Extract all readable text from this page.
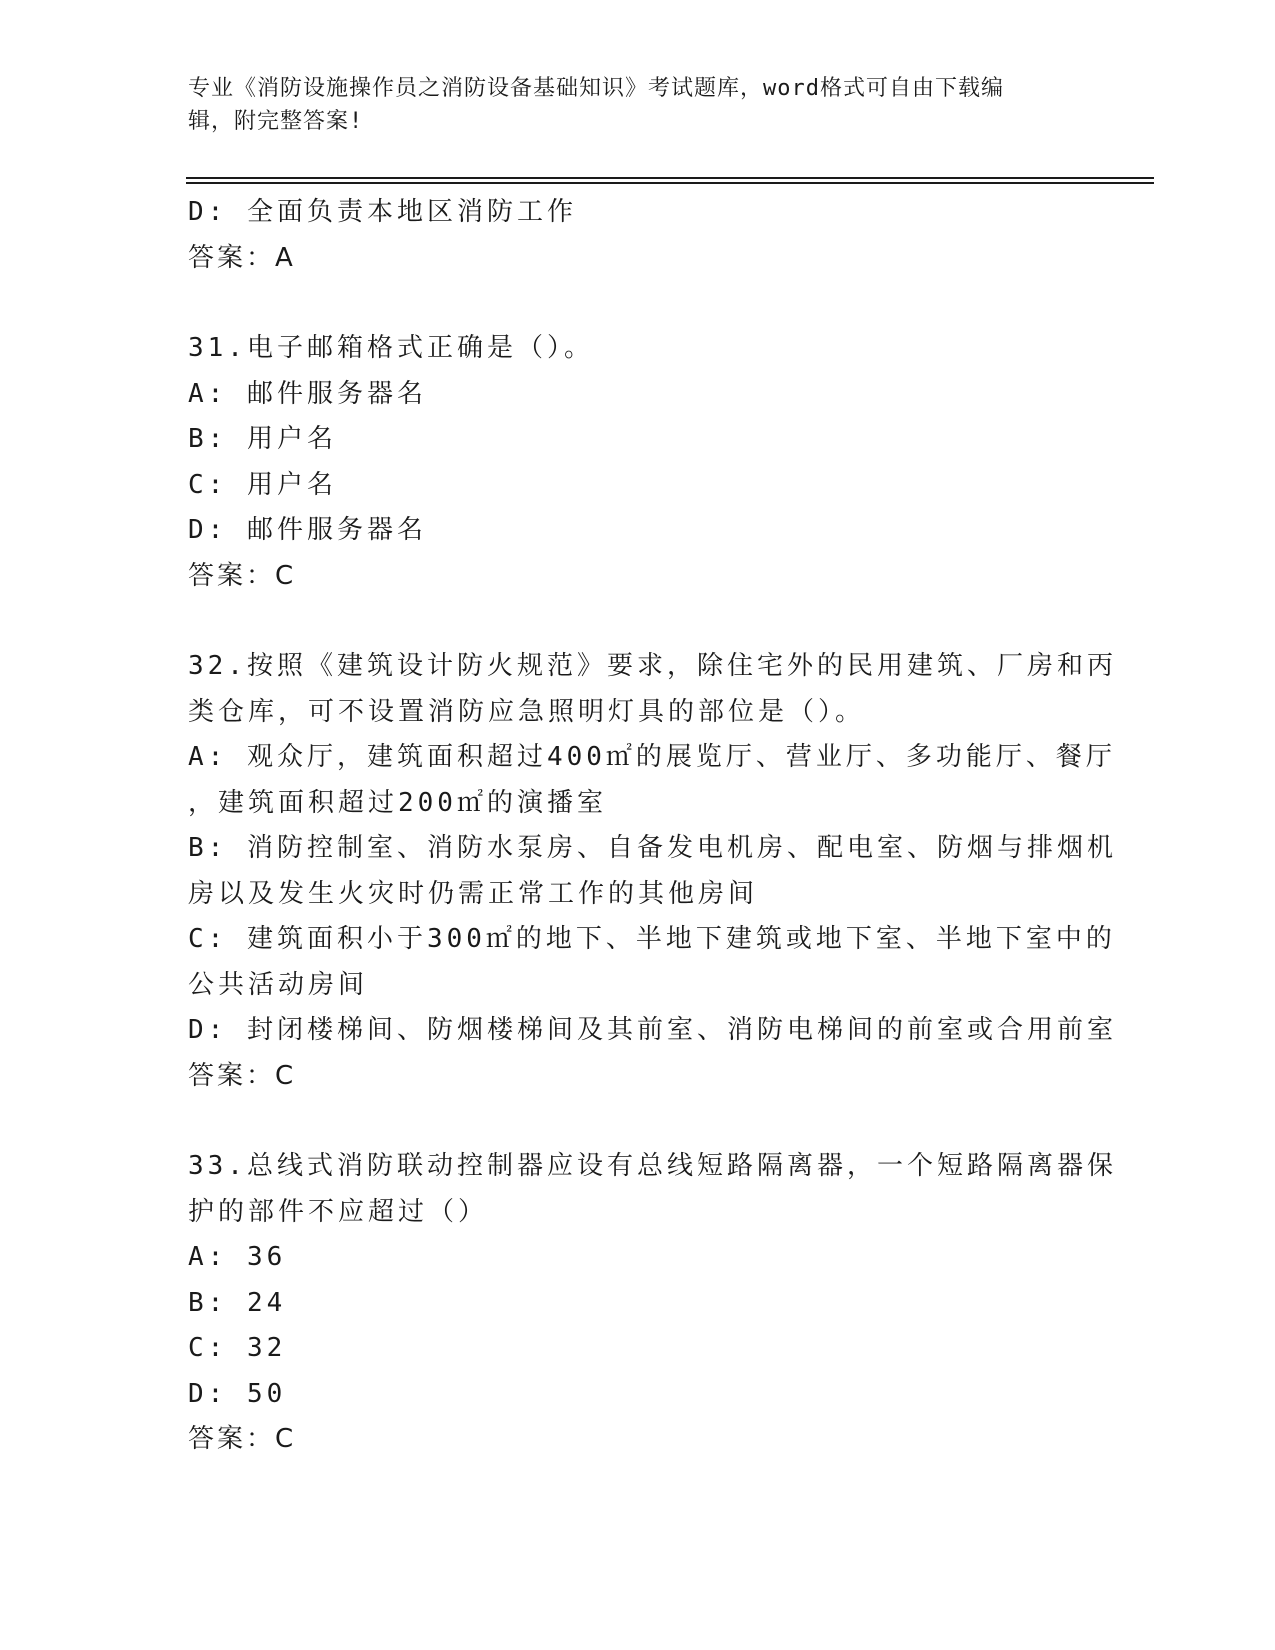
专业《消防设施操作员之消防设备基础知识》考试题库，word格式可自由下载编
辑，附完整答案!
D: 全面负责本地区消防工作
答案：A
31.电子邮箱格式正确是（）。
A: 邮件服务器名
B: 用户名
C: 用户名
D: 邮件服务器名
答案：C
32.按照《建筑设计防火规范》要求，除住宅外的民用建筑、厂房和丙
类仓库，可不设置消防应急照明灯具的部位是（）。
A: 观众厅，建筑面积超过400㎡的展览厅、营业厅、多功能厅、餐厅
，建筑面积超过200㎡的演播室
B: 消防控制室、消防水泵房、自备发电机房、配电室、防烟与排烟机
房以及发生火灾时仍需正常工作的其他房间
C: 建筑面积小于300㎡的地下、半地下建筑或地下室、半地下室中的
公共活动房间
D: 封闭楼梯间、防烟楼梯间及其前室、消防电梯间的前室或合用前室
答案：C
33.总线式消防联动控制器应设有总线短路隔离器，一个短路隔离器保
护的部件不应超过（）
A: 36
B: 24
C: 32
D: 50
答案：C
